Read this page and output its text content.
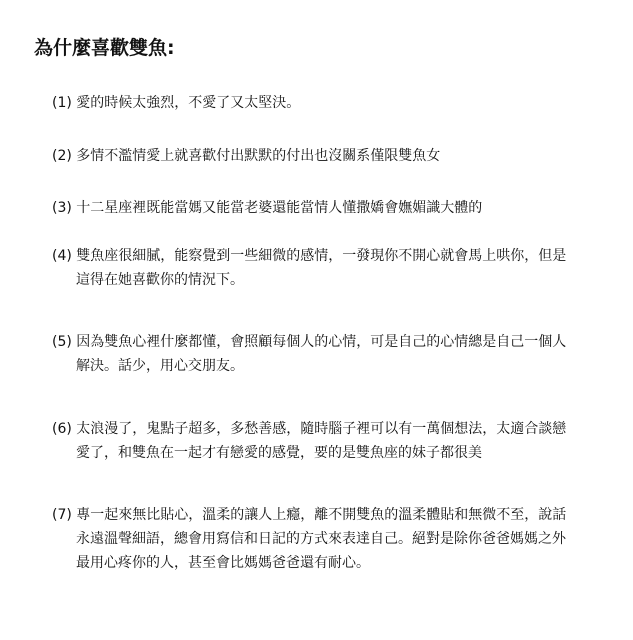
為什麼喜歡雙魚:
(1) 愛的時候太強烈，不愛了又太堅決。
(2) 多情不濫情愛上就喜歡付出默默的付出也沒關系僅限雙魚女
(3) 十二星座裡既能當媽又能當老婆還能當情人懂撒嬌會嫵媚識大體的
(4) 雙魚座很細膩，能察覺到一些細微的感情，一發現你不開心就會馬上哄你，但是
這得在她喜歡你的情況下。
(5) 因為雙魚心裡什麼都懂，會照顧每個人的心情，可是自己的心情總是自己一個人
解決。話少，用心交朋友。
(6) 太浪漫了，鬼點子超多，多愁善感，隨時腦子裡可以有一萬個想法，太適合談戀
愛了，和雙魚在一起才有戀愛的感覺，要的是雙魚座的妹子都很美
(7) 專一起來無比貼心，溫柔的讓人上癮，離不開雙魚的溫柔體貼和無微不至，說話
永遠溫聲細語，總會用寫信和日記的方式來表達自己。絕對是除你爸爸媽媽之外
最用心疼你的人，甚至會比媽媽爸爸還有耐心。
